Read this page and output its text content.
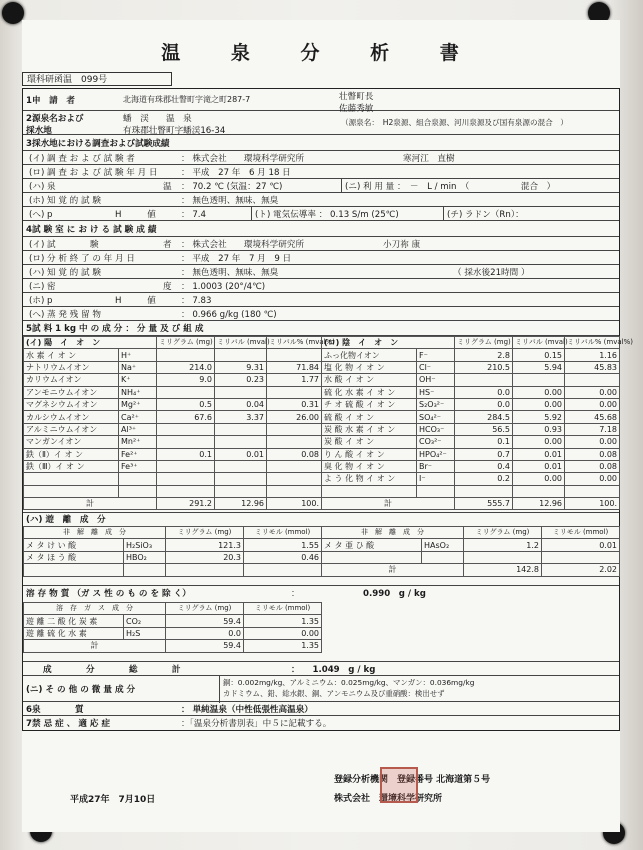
温 泉 分 析 書
環科研函温　099号
1申　請　者	北海道有珠郡壮瞥町字滝之町287-7	壮瞥町長
佐藤秀敏
2源泉名および
採水地
蟠　渓　　温　泉
有珠郡壮瞥町字蟠渓16-34
（源泉名：　H2泉源、組合泉源、河川泉源及び国有泉源の混合　）
3採水地における調査および試験成績
(イ) 調 査 お よ び 試 験 者	： 株式会社　　環境科学研究所	寒河江　直樹
(ロ) 調 査 お よ び 試 験 年 月 日	： 平成　27 年　6 月 18 日
(ハ) 泉	温	： 70.2 ℃ (気温：27 ℃)	(ニ) 利 用 量 ：　－　L / min　（　　　　　　混合　）
(ホ) 知 覚 的 試 験	： 無色透明、無味、無臭
(へ) p	H　　　値	： 7.4	(ト) 電気伝導率 ： 0.13 S/m (25℃)	(チ) ラドン（Rn）：
4試 験 室 に お け る 試 験 成 績
(イ) 試　　　　験	者	： 株式会社　　環境科学研究所	小刀祢 康
(ロ) 分 析 終 了 の 年 月 日	： 平成　27 年　7 月　9 日
(ハ) 知 覚 的 試 験	： 無色透明、無味、無臭	（ 採水後21時間 ）
(ニ) 密	度	： 1.0003 (20°/4℃)
(ホ) p	H　　　値	： 7.83
(へ) 蒸 発 残 留 物	： 0.966 g/kg (180 ℃)
5試 料 1 kg 中 の 成 分 ： 分 量 及 び 組 成
(イ) 陽　イ　オ　ン		ミリグラム (mg)	ミリバル (mval)	ミリバル% (mval%)
水 素 イ オ ン	H⁺			
ナトリウムイオン	Na⁺	214.0	9.31	71.84
カリウムイオン	K⁺	9.0	0.23	1.77
アンモニウムイオン	NH₄⁺			
マグネシウムイオン	Mg²⁺	0.5	0.04	0.31
カルシウムイオン	Ca²⁺	67.6	3.37	26.00
アルミニウムイオン	Al³⁺			
マンガンイオン	Mn²⁺			
鉄（Ⅱ）イ オ ン	Fe²⁺	0.1	0.01	0.08
鉄（Ⅲ）イ オ ン	Fe³⁺			

計		291.2	12.96	100.
(ロ) 陰　イ　オ　ン		ミリグラム (mg)	ミリバル (mval)	ミリバル% (mval%)
ふっ化物イオン	F⁻	2.8	0.15	1.16
塩 化 物 イ オ ン	Cl⁻	210.5	5.94	45.83
水 酸 イ オ ン	OH⁻			
硫 化 水 素 イ オ ン	HS⁻	0.0	0.00	0.00
チ オ 硫 酸 イ オ ン	S₂O₃²⁻	0.0	0.00	0.00
硫 酸 イ オ ン	SO₄²⁻	284.5	5.92	45.68
炭 酸 水 素 イ オ ン	HCO₃⁻	56.5	0.93	7.18
炭 酸 イ オ ン	CO₃²⁻	0.1	0.00	0.00
り ん 酸 イ オ ン	HPO₄²⁻	0.7	0.01	0.08
臭 化 物 イ オ ン	Br⁻	0.4	0.01	0.08
よ う 化 物 イ オ ン	I⁻	0.2	0.00	0.00

計		555.7	12.96	100.
(ハ) 遊　離　成　分
非　解　離　成　分		ミリグラム (mg)	ミリモル (mmol)
メ タ け い 酸	H₂SiO₃	121.3	1.55
メ タ ほ う 酸	HBO₂	20.3	0.46

非　解　離　成　分		ミリグラム (mg)	ミリモル (mmol)
メ タ 亜 ひ 酸	HAsO₂	1.2	0.01

計		142.8	2.02
溶 存 物 質 （ガ ス 性 の も の を 除 く）	：	0.990　g / kg
溶　存　ガ　ス　成　分		ミリグラム (mg)	ミリモル (mmol)
遊 離 二 酸 化 炭 素	CO₂	59.4	1.35
遊 離 硫 化 水 素	H₂S	0.0	0.00
計		59.4	1.35
成　　　　分　　　　総　　　　計	：　　1.049　g / kg
(ニ) そ の 他 の 微 量 成 分
銅：0.002mg/kg、アルミニウム：0.025mg/kg、マンガン：0.036mg/kg
カドミウム、鉛、総水銀、銅、アンモニウム及び重硝酸：検出せず
6泉　　　　質	： 単純温泉（中性低張性高温泉）
7禁 忌 症 、 適 応 症	：「温泉分析書別表」中５に記載する。
平成27年　7月10日
登録分析機関　登録番号 北海道第５号
株式会社　環境科学研究所
